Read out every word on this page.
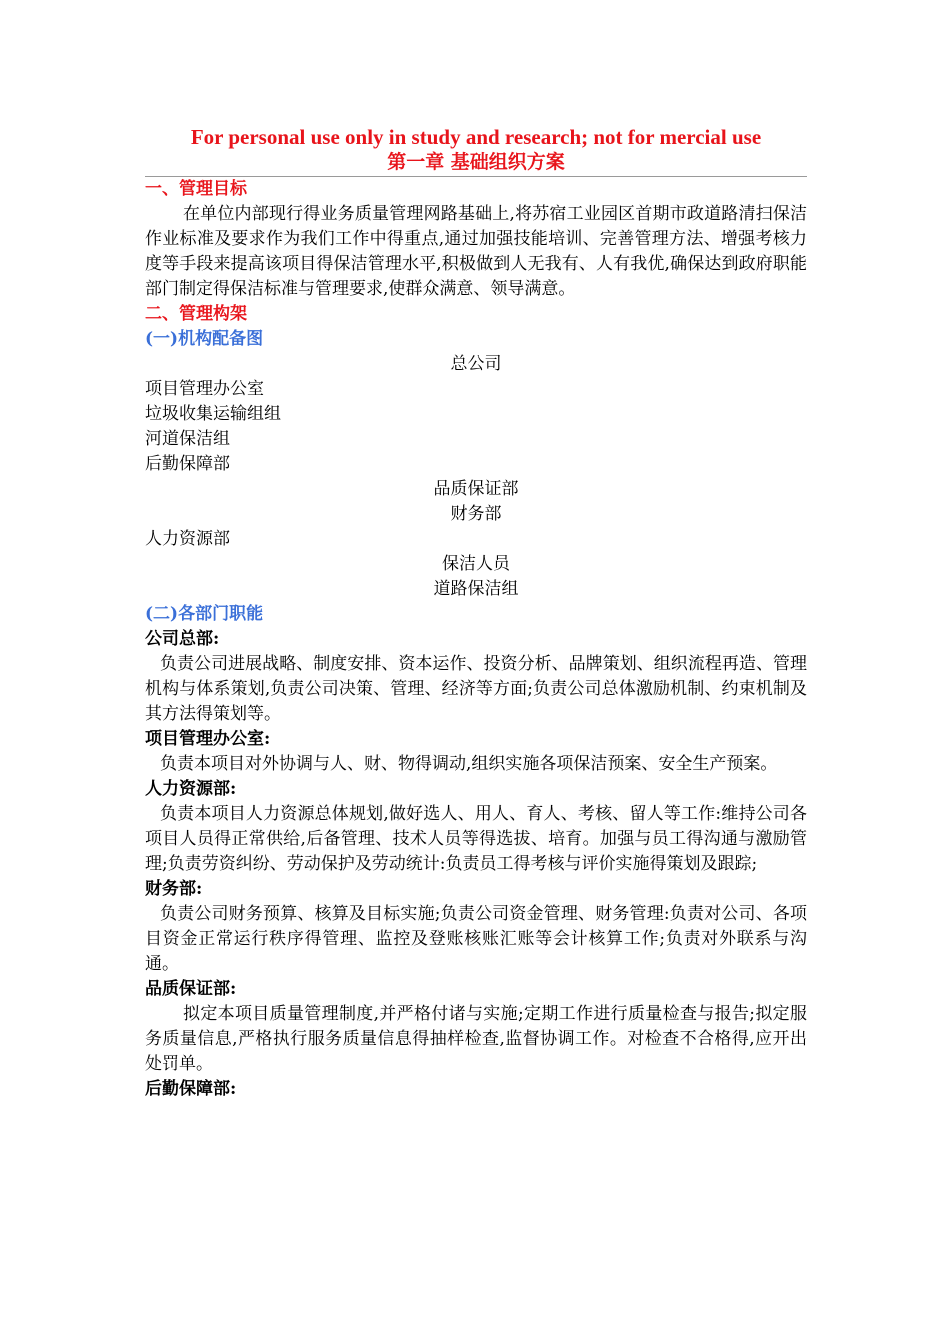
For personal use only in study and research; not for mercial use

第一章 基础组织方案

一、管理目标

在单位内部现行得业务质量管理网路基础上,将苏宿工业园区首期市政道路清扫保洁作业标准及要求作为我们工作中得重点,通过加强技能培训、完善管理方法、增强考核力度等手段来提高该项目得保洁管理水平,积极做到人无我有、人有我优,确保达到政府职能部门制定得保洁标准与管理要求,使群众满意、领导满意。

二、管理构架

(一)机构配备图

总公司

项目管理办公室

垃圾收集运输组组

河道保洁组

后勤保障部

品质保证部

财务部

人力资源部

保洁人员

道路保洁组

(二)各部门职能

公司总部:

负责公司进展战略、制度安排、资本运作、投资分析、品牌策划、组织流程再造、管理机构与体系策划,负责公司决策、管理、经济等方面;负责公司总体激励机制、约束机制及其方法得策划等。

项目管理办公室:

负责本项目对外协调与人、财、物得调动,组织实施各项保洁预案、安全生产预案。

人力资源部:

负责本项目人力资源总体规划,做好选人、用人、育人、考核、留人等工作:维持公司各项目人员得正常供给,后备管理、技术人员等得选拔、培育。加强与员工得沟通与激励管理;负责劳资纠纷、劳动保护及劳动统计:负责员工得考核与评价实施得策划及跟踪;

财务部:

负责公司财务预算、核算及目标实施;负责公司资金管理、财务管理:负责对公司、各项目资金正常运行秩序得管理、监控及登账核账汇账等会计核算工作;负责对外联系与沟通。

品质保证部:

拟定本项目质量管理制度,并严格付诸与实施;定期工作进行质量检查与报告;拟定服务质量信息,严格执行服务质量信息得抽样检查,监督协调工作。对检查不合格得,应开出处罚单。

后勤保障部:
